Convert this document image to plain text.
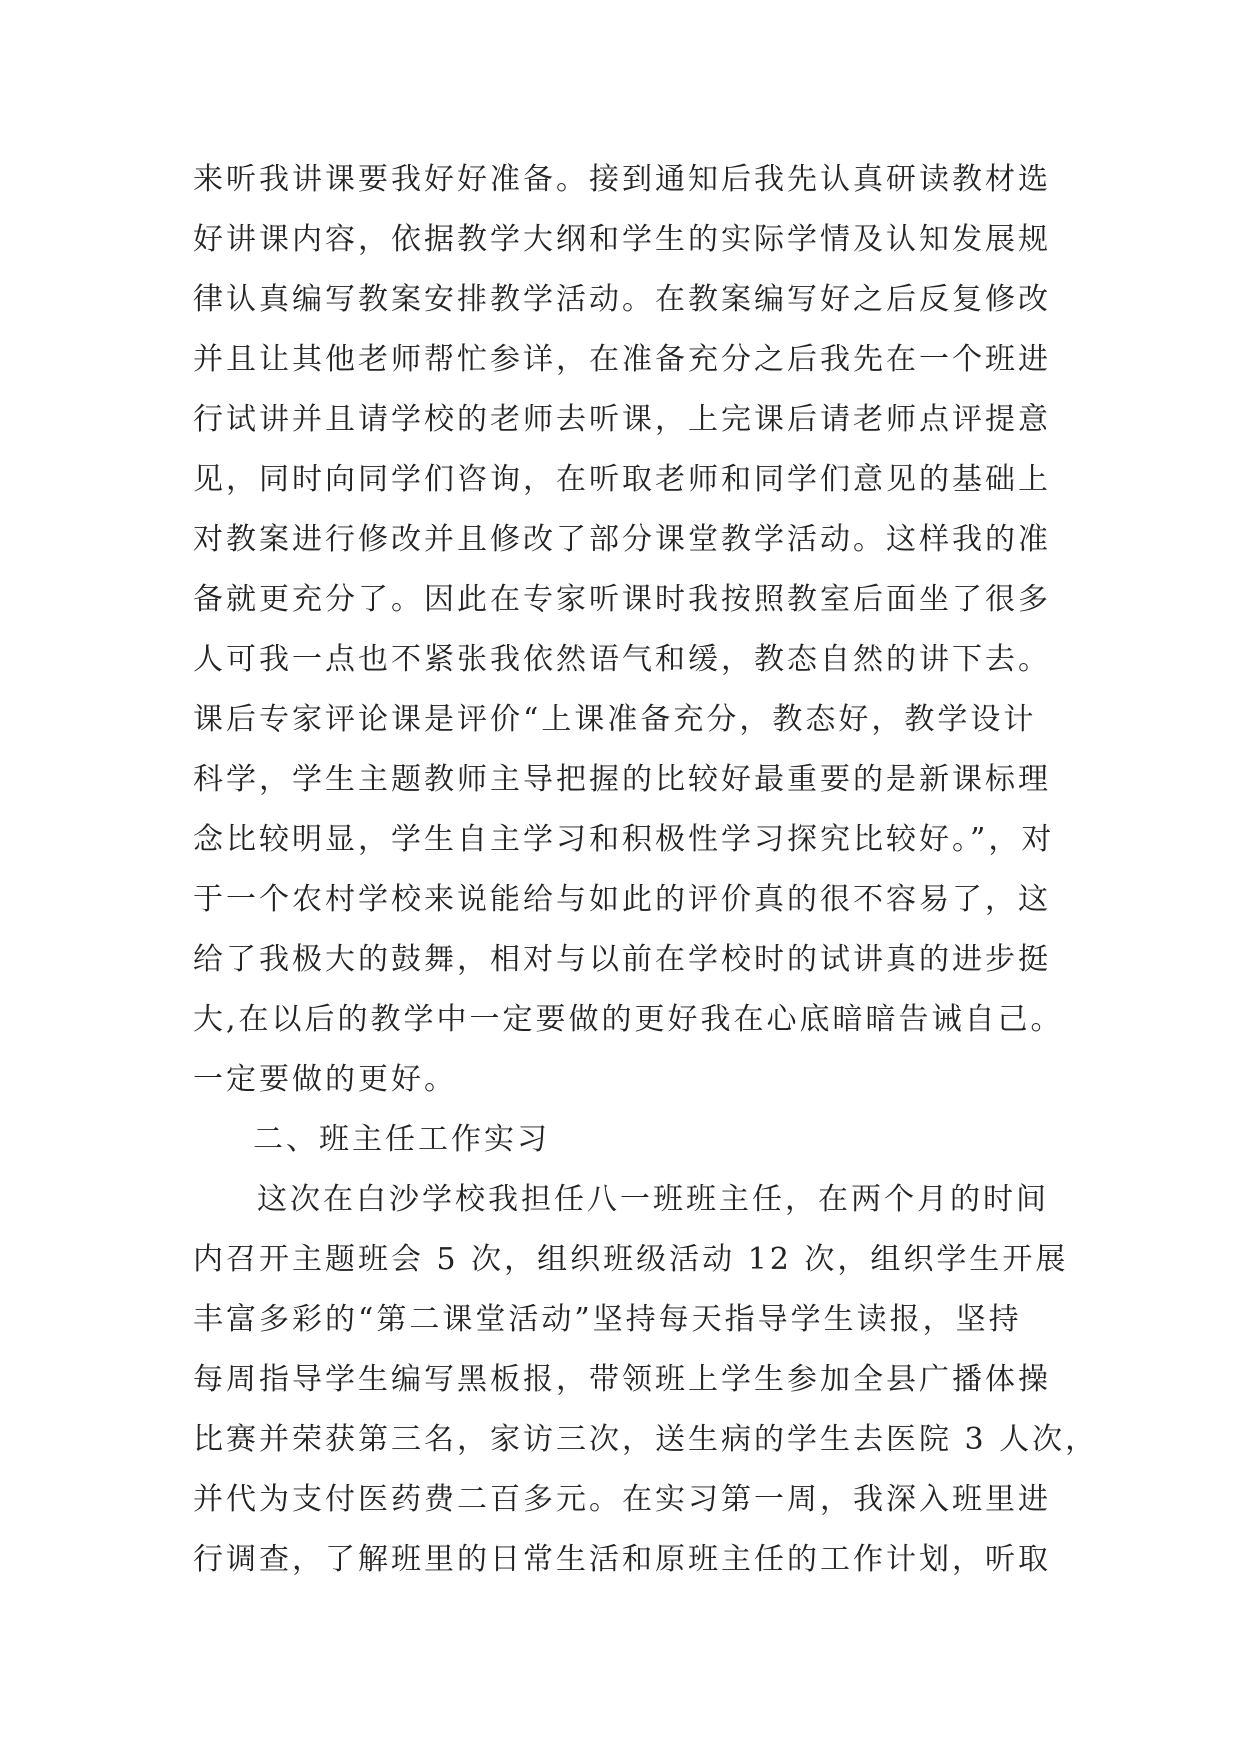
来听我讲课要我好好准备。接到通知后我先认真研读教材选
好讲课内容，依据教学大纲和学生的实际学情及认知发展规
律认真编写教案安排教学活动。在教案编写好之后反复修改
并且让其他老师帮忙参详，在准备充分之后我先在一个班进
行试讲并且请学校的老师去听课，上完课后请老师点评提意
见，同时向同学们咨询，在听取老师和同学们意见的基础上
对教案进行修改并且修改了部分课堂教学活动。这样我的准
备就更充分了。因此在专家听课时我按照教室后面坐了很多
人可我一点也不紧张我依然语气和缓，教态自然的讲下去。
课后专家评论课是评价“上课准备充分，教态好，教学设计
科学，学生主题教师主导把握的比较好最重要的是新课标理
念比较明显，学生自主学习和积极性学习探究比较好。”，对
于一个农村学校来说能给与如此的评价真的很不容易了，这
给了我极大的鼓舞，相对与以前在学校时的试讲真的进步挺
大,在以后的教学中一定要做的更好我在心底暗暗告诫自己。
一定要做的更好。
二、班主任工作实习
这次在白沙学校我担任八一班班主任，在两个月的时间
内召开主题班会 5 次，组织班级活动 12 次，组织学生开展
丰富多彩的“第二课堂活动”坚持每天指导学生读报，坚持
每周指导学生编写黑板报，带领班上学生参加全县广播体操
比赛并荣获第三名，家访三次，送生病的学生去医院 3 人次，
并代为支付医药费二百多元。在实习第一周，我深入班里进
行调查，了解班里的日常生活和原班主任的工作计划，听取
